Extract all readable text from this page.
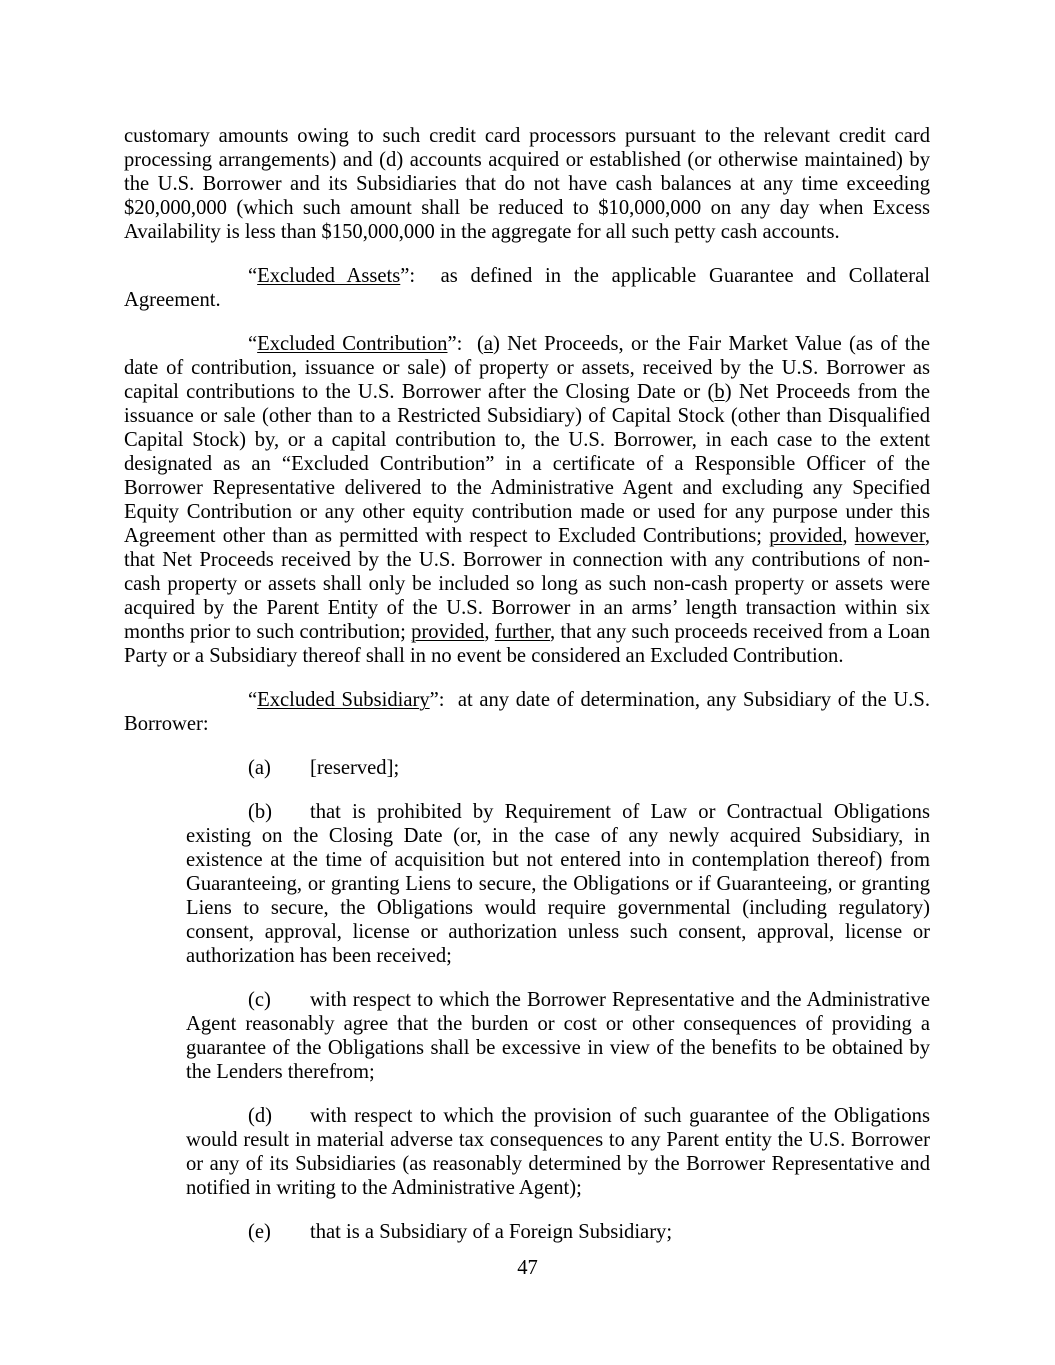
customary amounts owing to such credit card processors pursuant to the relevant credit card processing arrangements) and (d) accounts acquired or established (or otherwise maintained) by the U.S. Borrower and its Subsidiaries that do not have cash balances at any time exceeding $20,000,000 (which such amount shall be reduced to $10,000,000 on any day when Excess Availability is less than $150,000,000 in the aggregate for all such petty cash accounts.

“Excluded Assets”:  as defined in the applicable Guarantee and Collateral Agreement.

“Excluded Contribution”:  (a) Net Proceeds, or the Fair Market Value (as of the date of contribution, issuance or sale) of property or assets, received by the U.S. Borrower as capital contributions to the U.S. Borrower after the Closing Date or (b) Net Proceeds from the issuance or sale (other than to a Restricted Subsidiary) of Capital Stock (other than Disqualified Capital Stock) by, or a capital contribution to, the U.S. Borrower, in each case to the extent designated as an “Excluded Contribution” in a certificate of a Responsible Officer of the Borrower Representative delivered to the Administrative Agent and excluding any Specified Equity Contribution or any other equity contribution made or used for any purpose under this Agreement other than as permitted with respect to Excluded Contributions; provided, however, that Net Proceeds received by the U.S. Borrower in connection with any contributions of non-cash property or assets shall only be included so long as such non-cash property or assets were acquired by the Parent Entity of the U.S. Borrower in an arms’ length transaction within six months prior to such contribution; provided, further, that any such proceeds received from a Loan Party or a Subsidiary thereof shall in no event be considered an Excluded Contribution.

“Excluded Subsidiary”:  at any date of determination, any Subsidiary of the U.S. Borrower:

(a) [reserved];
(b) that is prohibited by Requirement of Law or Contractual Obligations existing on the Closing Date (or, in the case of any newly acquired Subsidiary, in existence at the time of acquisition but not entered into in contemplation thereof) from Guaranteeing, or granting Liens to secure, the Obligations or if Guaranteeing, or granting Liens to secure, the Obligations would require governmental (including regulatory) consent, approval, license or authorization unless such consent, approval, license or authorization has been received;
(c) with respect to which the Borrower Representative and the Administrative Agent reasonably agree that the burden or cost or other consequences of providing a guarantee of the Obligations shall be excessive in view of the benefits to be obtained by the Lenders therefrom;
(d) with respect to which the provision of such guarantee of the Obligations would result in material adverse tax consequences to any Parent entity the U.S. Borrower or any of its Subsidiaries (as reasonably determined by the Borrower Representative and notified in writing to the Administrative Agent);
(e) that is a Subsidiary of a Foreign Subsidiary;
47
